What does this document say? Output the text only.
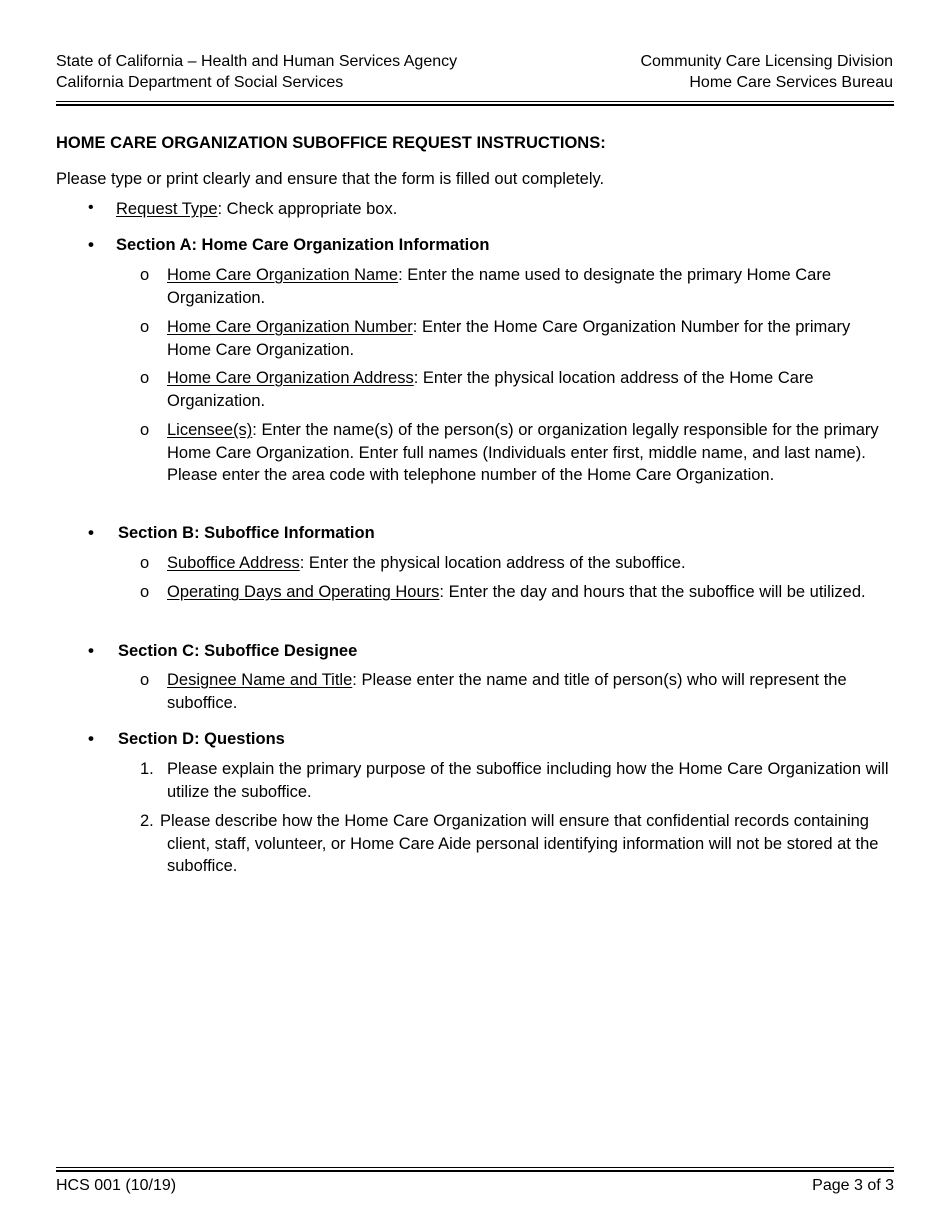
State of California – Health and Human Services Agency
California Department of Social Services
Community Care Licensing Division
Home Care Services Bureau
HOME CARE ORGANIZATION SUBOFFICE REQUEST INSTRUCTIONS:
Please type or print clearly and ensure that the form is filled out completely.
• Request Type: Check appropriate box.
• Section A: Home Care Organization Information
o Home Care Organization Name: Enter the name used to designate the primary Home Care Organization.
o Home Care Organization Number: Enter the Home Care Organization Number for the primary Home Care Organization.
o Home Care Organization Address: Enter the physical location address of the Home Care Organization.
o Licensee(s): Enter the name(s) of the person(s) or organization legally responsible for the primary Home Care Organization. Enter full names (Individuals enter first, middle name, and last name). Please enter the area code with telephone number of the Home Care Organization.
• Section B: Suboffice Information
o Suboffice Address: Enter the physical location address of the suboffice.
o Operating Days and Operating Hours: Enter the day and hours that the suboffice will be utilized.
• Section C: Suboffice Designee
o Designee Name and Title: Please enter the name and title of person(s) who will represent the suboffice.
• Section D: Questions
1. Please explain the primary purpose of the suboffice including how the Home Care Organization will utilize the suboffice.
2. Please describe how the Home Care Organization will ensure that confidential records containing client, staff, volunteer, or Home Care Aide personal identifying information will not be stored at the suboffice.
HCS 001 (10/19)	Page 3 of 3
